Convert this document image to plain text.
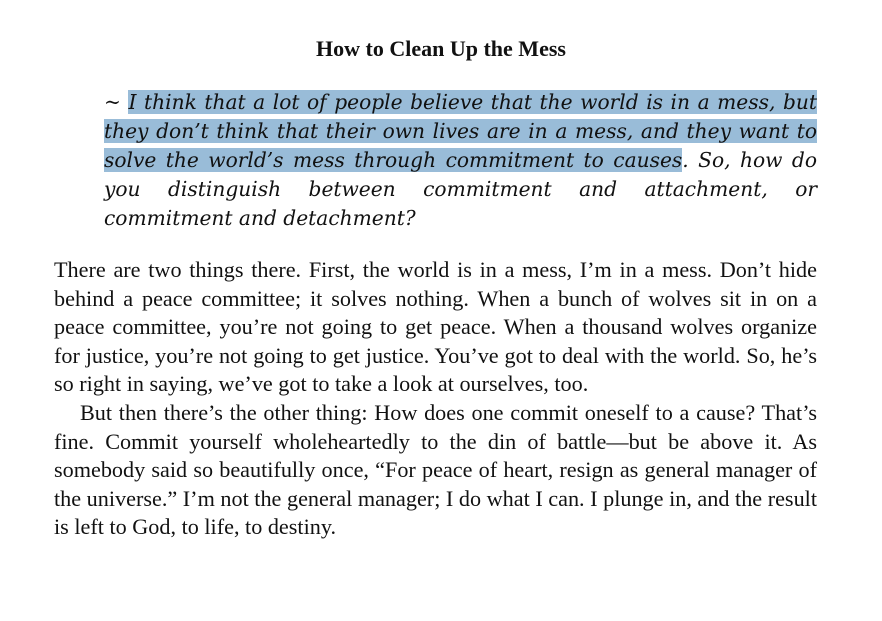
How to Clean Up the Mess
~ I think that a lot of people believe that the world is in a mess, but they don’t think that their own lives are in a mess, and they want to solve the world’s mess through commitment to causes. So, how do you distinguish between commitment and attachment, or commitment and detachment?

There are two things there. First, the world is in a mess, I’m in a mess. Don’t hide behind a peace committee; it solves nothing. When a bunch of wolves sit in on a peace committee, you’re not going to get peace. When a thousand wolves organize for justice, you’re not going to get justice. You’ve got to deal with the world. So, he’s so right in saying, we’ve got to take a look at ourselves, too.

But then there’s the other thing: How does one commit oneself to a cause? That’s fine. Commit yourself wholeheartedly to the din of battle—but be above it. As somebody said so beautifully once, “For peace of heart, resign as general manager of the universe.” I’m not the general manager; I do what I can. I plunge in, and the result is left to God, to life, to destiny.
